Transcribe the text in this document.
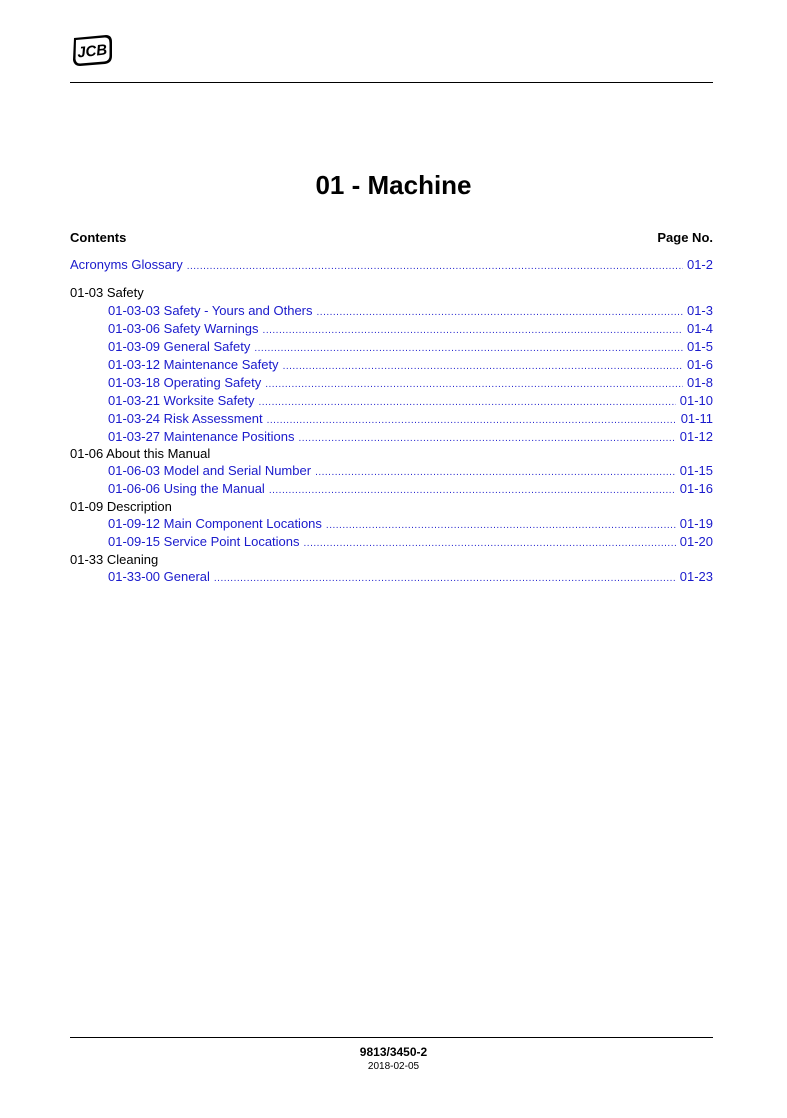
JCB
01 - Machine
Contents	Page No.
Acronyms Glossary .....	01-2
01-03 Safety
01-03-03 Safety - Yours and Others .....	01-3
01-03-06 Safety Warnings .....	01-4
01-03-09 General Safety .....	01-5
01-03-12 Maintenance Safety .....	01-6
01-03-18 Operating Safety .....	01-8
01-03-21 Worksite Safety .....	01-10
01-03-24 Risk Assessment .....	01-11
01-03-27 Maintenance Positions .....	01-12
01-06 About this Manual
01-06-03 Model and Serial Number .....	01-15
01-06-06 Using the Manual .....	01-16
01-09 Description
01-09-12 Main Component Locations .....	01-19
01-09-15 Service Point Locations .....	01-20
01-33 Cleaning
01-33-00 General .....	01-23
9813/3450-2
2018-02-05
